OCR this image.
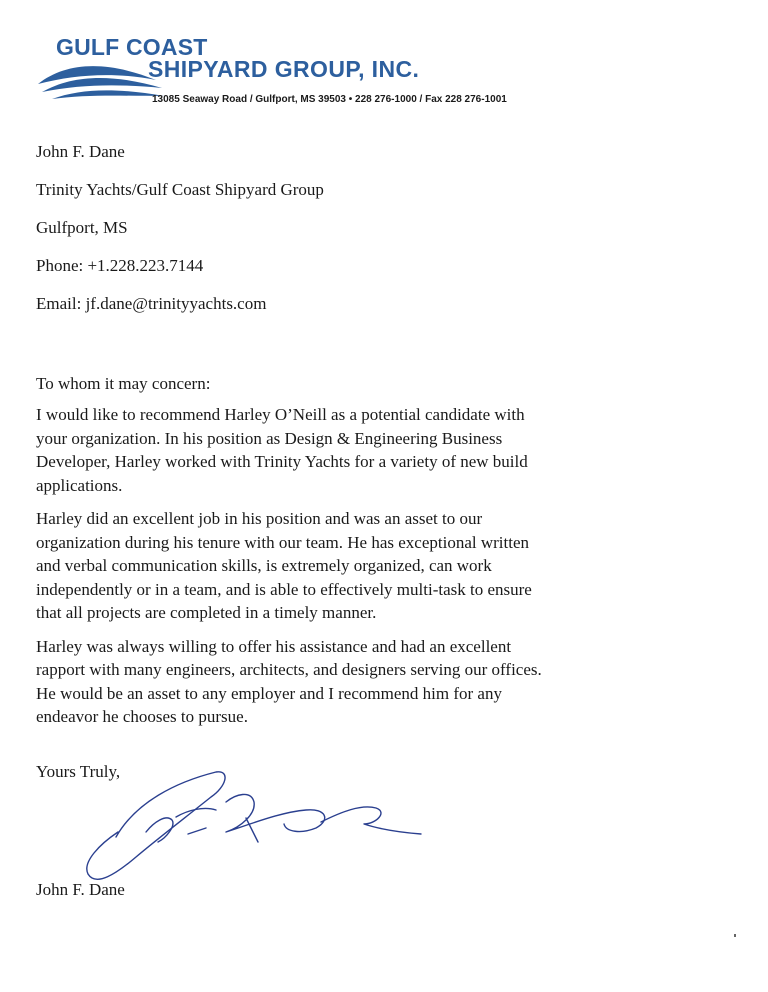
GULF COAST
SHIPYARD GROUP, INC.
13085 Seaway Road / Gulfport, MS 39503 • 228 276-1000 / Fax 228 276-1001
John F. Dane
Trinity Yachts/Gulf Coast Shipyard Group
Gulfport, MS
Phone: +1.228.223.7144
Email: jf.dane@trinityyachts.com
To whom it may concern:
I would like to recommend Harley O’Neill as a potential candidate with
your organization. In his position as Design & Engineering Business
Developer, Harley worked with Trinity Yachts for a variety of new build
applications.
Harley did an excellent job in his position and was an asset to our
organization during his tenure with our team. He has exceptional written
and verbal communication skills, is extremely organized, can work
independently or in a team, and is able to effectively multi-task to ensure
that all projects are completed in a timely manner.
Harley was always willing to offer his assistance and had an excellent
rapport with many engineers, architects, and designers serving our offices.
He would be an asset to any employer and I recommend him for any
endeavor he chooses to pursue.
Yours Truly,
John F. Dane
